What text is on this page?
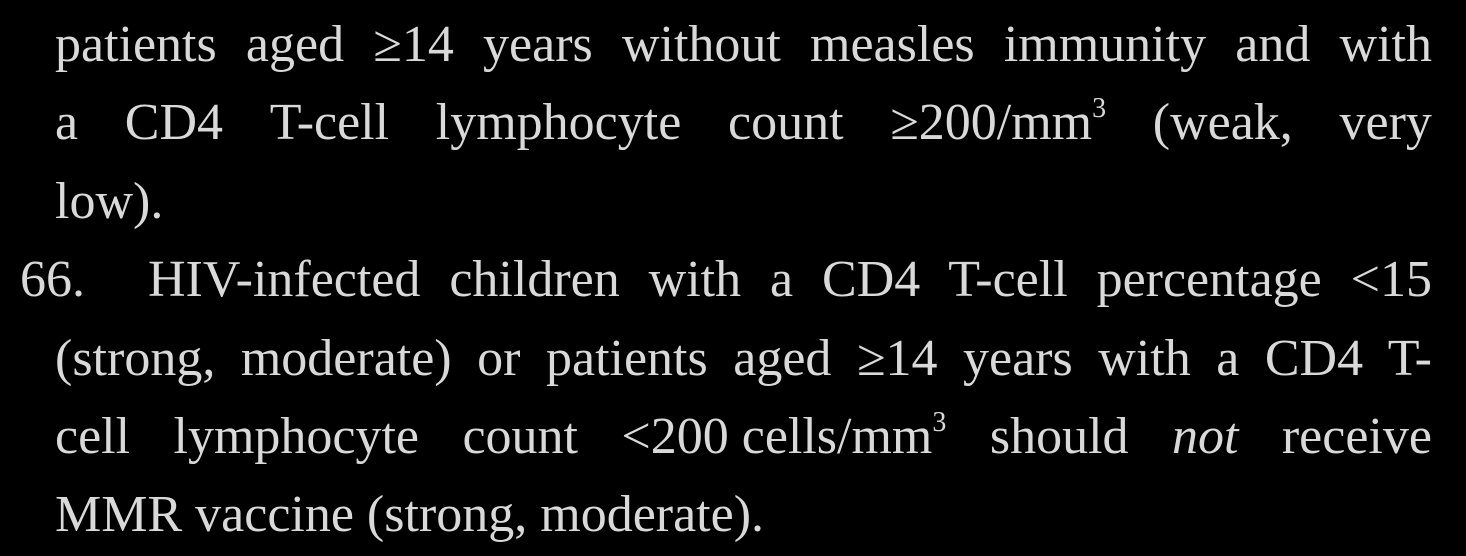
patients aged ≥14 years without measles immunity and with
a CD4 T-cell lymphocyte count $\ge 200/mm^3$ (weak, very
low).
66. HIV-infected children with a CD4 T-cell percentage <15
(strong, moderate) or patients aged ≥14 years with a CD4 T-
cell lymphocyte count <200 cells/$mm^3$ should not receive
MMR vaccine (strong, moderate).
